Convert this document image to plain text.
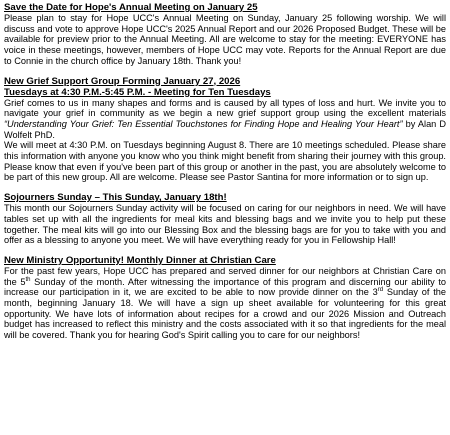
Save the Date for Hope's Annual Meeting on January 25

Please plan to stay for Hope UCC's Annual Meeting on Sunday, January 25 following worship. We will discuss and vote to approve Hope UCC's 2025 Annual Report and our 2026 Proposed Budget. These will be available for preview prior to the Annual Meeting. All are welcome to stay for the meeting: EVERYONE has voice in these meetings, however, members of Hope UCC may vote. Reports for the Annual Report are due to Connie in the church office by January 18th. Thank you!

New Grief Support Group Forming January 27, 2026
Tuesdays at 4:30 P.M.-5:45 P.M. - Meeting for Ten Tuesdays

Grief comes to us in many shapes and forms and is caused by all types of loss and hurt. We invite you to navigate your grief in community as we begin a new grief support group using the excellent materials “Understanding Your Grief: Ten Essential Touchstones for Finding Hope and Healing Your Heart” by Alan D Wolfelt PhD.

We will meet at 4:30 P.M. on Tuesdays beginning August 8. There are 10 meetings scheduled. Please share this information with anyone you know who you think might benefit from sharing their journey with this group. Please know that even if you've been part of this group or another in the past, you are absolutely welcome to be part of this new group. All are welcome. Please see Pastor Santina for more information or to sign up.

Sojourners Sunday – This Sunday, January 18th!

This month our Sojourners Sunday activity will be focused on caring for our neighbors in need. We will have tables set up with all the ingredients for meal kits and blessing bags and we invite you to help put these together. The meal kits will go into our Blessing Box and the blessing bags are for you to take with you and offer as a blessing to anyone you meet. We will have everything ready for you in Fellowship Hall!

New Ministry Opportunity! Monthly Dinner at Christian Care

For the past few years, Hope UCC has prepared and served dinner for our neighbors at Christian Care on the 5th Sunday of the month. After witnessing the importance of this program and discerning our ability to increase our participation in it, we are excited to be able to now provide dinner on the 3rd Sunday of the month, beginning January 18. We will have a sign up sheet available for volunteering for this great opportunity. We have lots of information about recipes for a crowd and our 2026 Mission and Outreach budget has increased to reflect this ministry and the costs associated with it so that ingredients for the meal will be covered. Thank you for hearing God's Spirit calling you to care for our neighbors!
